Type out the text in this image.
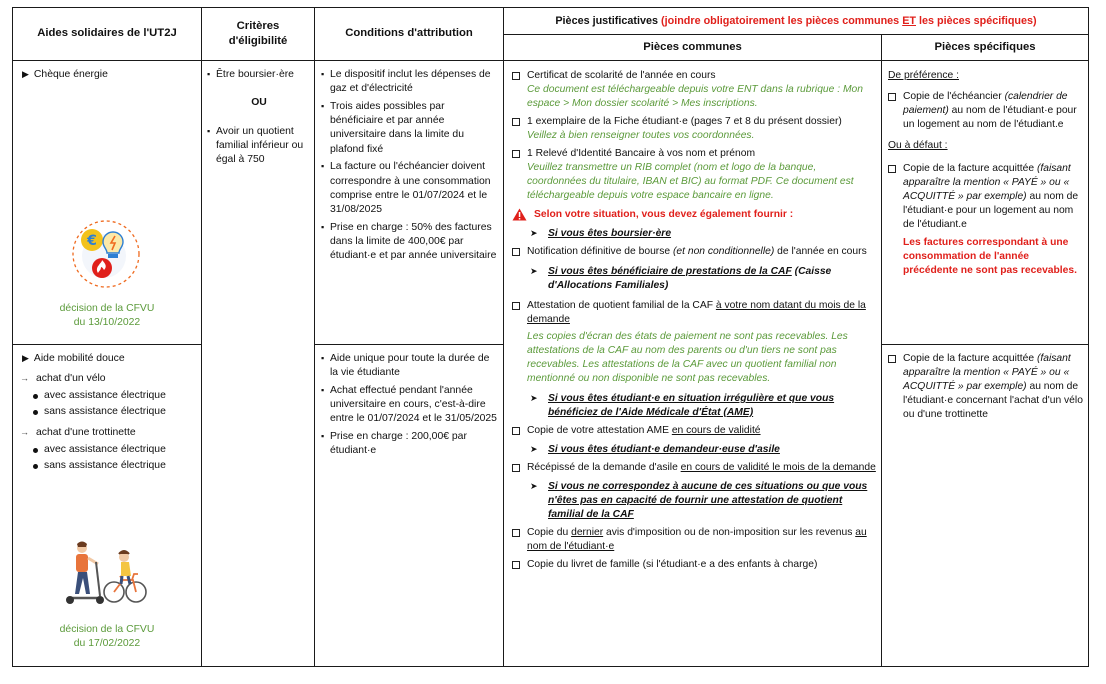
Aides solidaires de l'UT2J
Critères d'éligibilité
Conditions d'attribution
Pièces justificatives (joindre obligatoirement les pièces communes ET les pièces spécifiques)
Pièces communes	Pièces spécifiques
▶ Chèque énergie
€
décision de la CFVU
du 13/10/2022
▶ Aide mobilité douce
→ achat d'un vélo
avec assistance électrique
sans assistance électrique
→ achat d'une trottinette
avec assistance électrique
sans assistance électrique
décision de la CFVU
du 17/02/2022
▪ Être boursier·ère
OU
▪ Avoir un quotient familial inférieur ou égal à 750
▪ Le dispositif inclut les dépenses de gaz et d'électricité
▪ Trois aides possibles par bénéficiaire et par année universitaire dans la limite du plafond fixé
▪ La facture ou l'échéancier doivent correspondre à une consommation comprise entre le 01/07/2024 et le 31/08/2025
▪ Prise en charge : 50% des factures dans la limite de 400,00€ par étudiant·e et par année universitaire
▪ Aide unique pour toute la durée de la vie étudiante
▪ Achat effectué pendant l'année universitaire en cours, c'est-à-dire entre le 01/07/2024 et le 31/05/2025
▪ Prise en charge : 200,00€ par étudiant·e
Certificat de scolarité de l'année en cours
Ce document est téléchargeable depuis votre ENT dans la rubrique : Mon espace > Mon dossier scolarité > Mes inscriptions.
1 exemplaire de la Fiche étudiant·e (pages 7 et 8 du présent dossier)
Veillez à bien renseigner toutes vos coordonnées.
1 Relevé d'Identité Bancaire à vos nom et prénom
Veuillez transmettre un RIB complet (nom et logo de la banque, coordonnées du titulaire, IBAN et BIC) au format PDF. Ce document est téléchargeable depuis votre espace bancaire en ligne.
Selon votre situation, vous devez également fournir :
➤ Si vous êtes boursier·ère
Notification définitive de bourse (et non conditionnelle) de l'année en cours
➤ Si vous êtes bénéficiaire de prestations de la CAF (Caisse d'Allocations Familiales)
Attestation de quotient familial de la CAF à votre nom datant du mois de la demande
Les copies d'écran des états de paiement ne sont pas recevables. Les attestations de la CAF au nom des parents ou d'un tiers ne sont pas recevables. Les attestations de la CAF avec un quotient familial non mentionné ou non disponible ne sont pas recevables.
➤ Si vous êtes étudiant·e en situation irrégulière et que vous bénéficiez de l'Aide Médicale d'État (AME)
Copie de votre attestation AME en cours de validité
➤ Si vous êtes étudiant·e demandeur·euse d'asile
Récépissé de la demande d'asile en cours de validité le mois de la demande
➤ Si vous ne correspondez à aucune de ces situations ou que vous n'êtes pas en capacité de fournir une attestation de quotient familial de la CAF
Copie du dernier avis d'imposition ou de non-imposition sur les revenus au nom de l'étudiant·e
Copie du livret de famille (si l'étudiant·e a des enfants à charge)
De préférence :
Copie de l'échéancier (calendrier de paiement) au nom de l'étudiant·e pour un logement au nom de l'étudiant.e
Ou à défaut :
Copie de la facture acquittée (faisant apparaître la mention « PAYÉ » ou « ACQUITTÉ » par exemple) au nom de l'étudiant·e pour un logement au nom de l'étudiant.e
Les factures correspondant à une consommation de l'année précédente ne sont pas recevables.
Copie de la facture acquittée (faisant apparaître la mention « PAYÉ » ou « ACQUITTÉ » par exemple) au nom de l'étudiant·e concernant l'achat d'un vélo ou d'une trottinette
